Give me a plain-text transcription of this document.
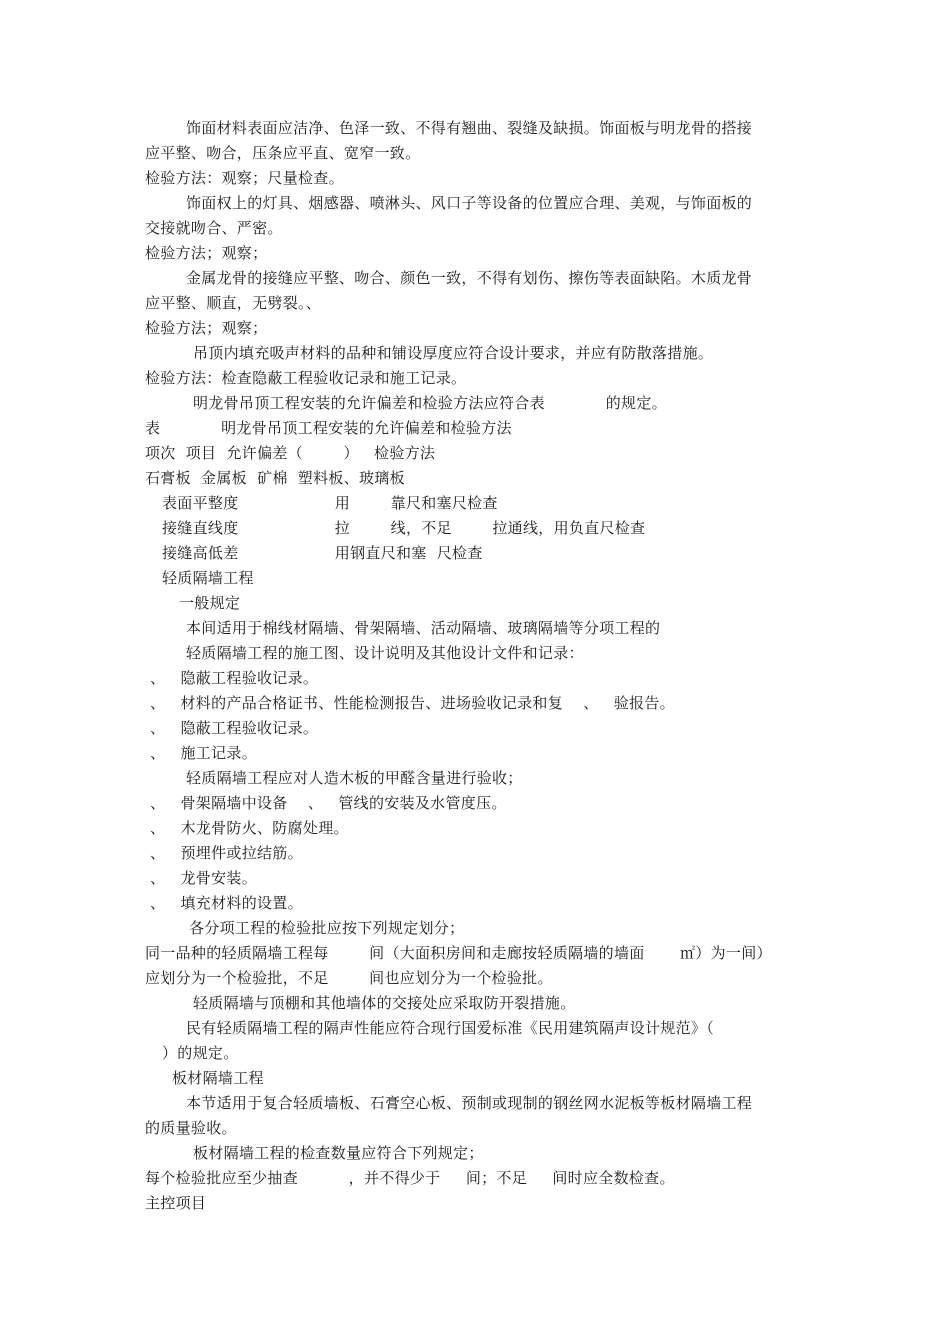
饰面材料表面应洁净、色泽一致、不得有翘曲、裂缝及缺损。饰面板与明龙骨的搭接
应平整、吻合，压条应平直、宽窄一致。
检验方法：观察；尺量检查。
饰面权上的灯具、烟感器、喷淋头、风口子等设备的位置应合理、美观，与饰面板的
交接就吻合、严密。
检验方法；观察；
金属龙骨的接缝应平整、吻合、颜色一致，不得有划伤、擦伤等表面缺陷。木质龙骨
应平整、顺直，无劈裂。、
检验方法；观察；
吊顶内填充吸声材料的品种和铺设厚度应符合设计要求，并应有防散落措施。
检验方法：检查隐蔽工程验收记录和施工记录。
明龙骨吊顶工程安装的允许偏差和检验方法应符合表            的规定。
表            明龙骨吊顶工程安装的允许偏差和检验方法
项次  项目  允许偏差（        ）   检验方法
石膏板  金属板  矿棉  塑料板、玻璃板
表面平整度                   用        靠尺和塞尺检查
接缝直线度                   拉        线，不足        拉通线，用负直尺检查
接缝高低差                   用钢直尺和塞  尺检查
轻质隔墙工程
一般规定
本间适用于棉线材隔墙、骨架隔墙、活动隔墙、玻璃隔墙等分项工程的
轻质隔墙工程的施工图、设计说明及其他设计文件和记录：
、   隐蔽工程验收记录。
、   材料的产品合格证书、性能检测报告、进场验收记录和复    、   验报告。
、   隐蔽工程验收记录。
、   施工记录。
轻质隔墙工程应对人造木板的甲醛含量进行验收；
、   骨架隔墙中设备    、   管线的安装及水管度压。
、   木龙骨防火、防腐处理。
、   预埋件或拉结筋。
、   龙骨安装。
、   填充材料的设置。
各分项工程的检验批应按下列规定划分；
同一品种的轻质隔墙工程每        间（大面积房间和走廊按轻质隔墙的墙面       ㎡）为一间）
应划分为一个检验批，不足        间也应划分为一个检验批。
轻质隔墙与顶棚和其他墙体的交接处应采取防开裂措施。
民有轻质隔墙工程的隔声性能应符合现行国爱标准《民用建筑隔声设计规范》（
）的规定。
板材隔墙工程
本节适用于复合轻质墙板、石膏空心板、预制或现制的钢丝网水泥板等板材隔墙工程
的质量验收。
板材隔墙工程的检查数量应符合下列规定；
每个检验批应至少抽查          ，并不得少于     间；不足     间时应全数检查。
主控项目
